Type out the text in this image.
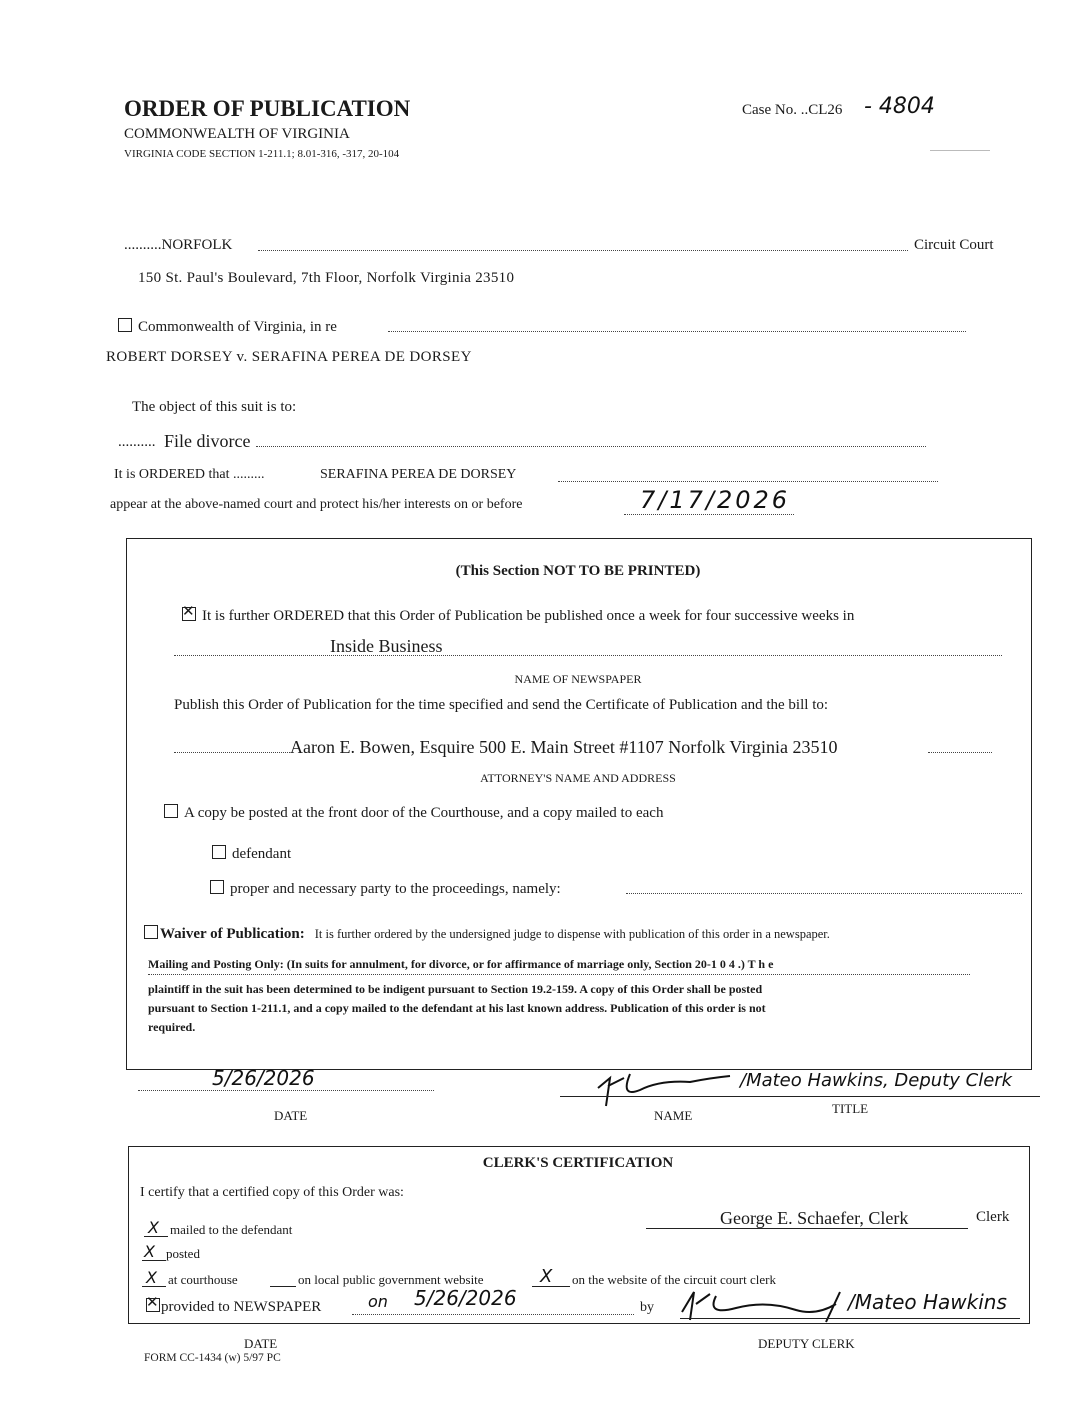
ORDER OF PUBLICATION
COMMONWEALTH OF VIRGINIA
VIRGINIA CODE SECTION 1-211.1; 8.01-316, -317, 20-104
Case No. ..CL26 - 4804
..........NORFOLK	Circuit Court
150 St. Paul's Boulevard, 7th Floor, Norfolk Virginia 23510
Commonwealth of Virginia, in re
ROBERT DORSEY v. SERAFINA PEREA DE DORSEY
The object of this suit is to:
.......... File divorce
It is ORDERED that .........	SERAFINA PEREA DE DORSEY
appear at the above-named court and protect his/her interests on or before	7/17/2026
(This Section NOT TO BE PRINTED)
✕It is further ORDERED that this Order of Publication be published once a week for four successive weeks in
Inside Business
NAME OF NEWSPAPER
Publish this Order of Publication for the time specified and send the Certificate of Publication and the bill to:
Aaron E. Bowen, Esquire 500 E. Main Street #1107 Norfolk Virginia 23510
ATTORNEY'S NAME AND ADDRESS
A copy be posted at the front door of the Courthouse, and a copy mailed to each
defendant
proper and necessary party to the proceedings, namely:
Waiver of Publication: It is further ordered by the undersigned judge to dispense with publication of this order in a newspaper.
Mailing and Posting Only: (In suits for annulment, for divorce, or for affirmance of marriage only, Section 20-1 0 4 .) T h e
plaintiff in the suit has been determined to be indigent pursuant to Section 19.2-159. A copy of this Order shall be posted
pursuant to Section 1-211.1, and a copy mailed to the defendant at his last known address. Publication of this order is not
required.
5/26/2026
DATE
/Mateo Hawkins, Deputy Clerk
NAME	TITLE
CLERK'S CERTIFICATION
I certify that a certified copy of this Order was:
George E. Schaefer, Clerk	Clerk
X mailed to the defendant
X posted
X at courthouse	on local public government website	X on the website of the circuit court clerk
✕provided to NEWSPAPER	on 5/26/2026	by	/Mateo Hawkins
DATE	DEPUTY CLERK
FORM CC-1434 (w) 5/97 PC
